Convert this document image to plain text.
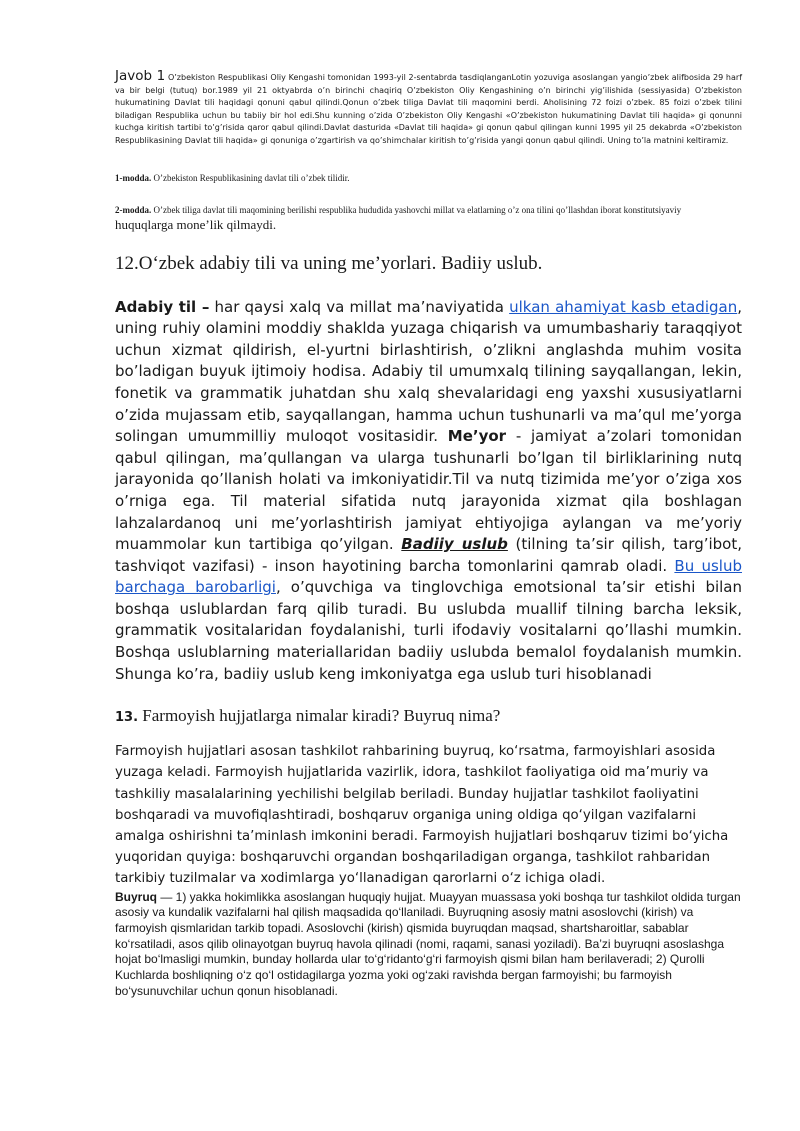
Javob 1 O’zbekiston Respublikasi Oliy Kengashi tomonidan 1993-yil 2-sentabrda tasdiqlanganLotin yozuviga asoslangan yangio’zbek alifbosida 29 harf va bir belgi (tutuq) bor.1989 yil 21 oktyabrda o’n birinchi chaqiriq O’zbekiston Oliy Kengashining o’n birinchi yig’ilishida (sessiyasida) O’zbekiston hukumatining Davlat tili haqidagi qonuni qabul qilindi.Qonun o’zbek tiliga Davlat tili maqomini berdi. Aholisining 72 foizi o’zbek. 85 foizi o’zbek tilini biladigan Respublika uchun bu tabiiy bir hol edi.Shu kunning o’zida O’zbekiston Oliy Kengashi «O’zbekiston hukumatining Davlat tili haqida» gi qonunni kuchga kiritish tartibi to’g’risida qaror qabul qilindi.Davlat dasturida «Davlat tili haqida» gi qonun qabul qilingan kunni 1995 yil 25 dekabrda «O’zbekiston Respublikasining Davlat tili haqida» gi qonuniga o’zgartirish va qo’shimchalar kiritish to’g’risida yangi qonun qabul qilindi. Uning to’la matnini keltiramiz.

1-modda. O’zbekiston Respublikasining davlat tili o’zbek tilidir.

2-modda. O’zbek tiliga davlat tili maqomining berilishi respublika hududida yashovchi millat va elatlarning o’z ona tilini qo’llashdan iborat konstitutsiyaviy
huquqlarga mone’lik qilmaydi.

12.O‘zbek adabiy tili va uning me’yorlari. Badiiy uslub.

Adabiy til – har qaysi xalq va millat ma’naviyatida ulkan ahamiyat kasb etadigan, uning ruhiy olamini moddiy shaklda yuzaga chiqarish va umumbashariy taraqqiyot uchun xizmat qildirish, el-yurtni birlashtirish, o’zlikni anglashda muhim vosita bo’ladigan buyuk ijtimoiy hodisa. Adabiy til umumxalq tilining sayqallangan, lekin, fonetik va grammatik juhatdan shu xalq shevalaridagi eng yaxshi xususiyatlarni o’zida mujassam etib, sayqallangan, hamma uchun tushunarli va ma’qul me’yorga solingan umummilliy muloqot vositasidir. Me’yor - jamiyat a’zolari tomonidan qabul qilingan, ma’qullangan va ularga tushunarli bo’lgan til birliklarining nutq jarayonida qo’llanish holati va imkoniyatidir.Til va nutq tizimida me’yor o’ziga xos o’rniga ega. Til material sifatida nutq jarayonida xizmat qila boshlagan lahzalardanoq uni me’yorlashtirish jamiyat ehtiyojiga aylangan va me’yoriy muammolar kun tartibiga qo’yilgan. Badiiy uslub (tilning ta’sir qilish, targ’ibot, tashviqot vazifasi) - inson hayotining barcha tomonlarini qamrab oladi. Bu uslub barchaga barobarligi, o’quvchiga va tinglovchiga emotsional ta’sir etishi bilan boshqa uslublardan farq qilib turadi. Bu uslubda muallif tilning barcha leksik, grammatik vositalaridan foydalanishi, turli ifodaviy vositalarni qo’llashi mumkin. Boshqa uslublarning materiallaridan badiiy uslubda bemalol foydalanish mumkin. Shunga ko’ra, badiiy uslub keng imkoniyatga ega uslub turi hisoblanadi

13. Farmoyish hujjatlarga nimalar kiradi? Buyruq nima?

Farmoyish hujjatlari asosan tashkilot rahbarining buyruq, ko‘rsatma, farmoyishlari asosida yuzaga keladi. Farmoyish hujjatlarida vazirlik, idora, tashkilot faoliyatiga oid ma’muriy va tashkiliy masalalarining yechilishi belgilab beriladi. Bunday hujjatlar tashkilot faoliyatini boshqaradi va muvofiqlashtiradi, boshqaruv organiga uning oldiga qo‘yilgan vazifalarni amalga oshirishni ta’minlash imkonini beradi. Farmoyish hujjatlari boshqaruv tizimi bo‘yicha yuqoridan quyiga: boshqaruvchi organdan boshqariladigan organga, tashkilot rahbaridan tarkibiy tuzilmalar va xodimlarga yo‘llanadigan qarorlarni o‘z ichiga oladi.

Buyruq — 1) yakka hokimlikka asoslangan huquqiy hujjat. Muayyan muassasa yoki boshqa tur tashkilot oldida turgan asosiy va kundalik vazifalarni hal qilish maqsadida qo‘llaniladi. Buyruqning asosiy matni asoslovchi (kirish) va farmoyish qismlaridan tarkib topadi. Asoslovchi (kirish) qismida buyruqdan maqsad, shartsharoitlar, sabablar ko‘rsatiladi, asos qilib olinayotgan buyruq havola qilinadi (nomi, raqami, sanasi yoziladi). Ba’zi buyruqni asoslashga hojat bo‘lmasligi mumkin, bunday hollarda ular to‘g‘ridanto‘g‘ri farmoyish qismi bilan ham berilaveradi; 2) Qurolli Kuchlarda boshliqning o‘z qo‘l ostidagilarga yozma yoki og‘zaki ravishda bergan farmoyishi; bu farmoyish bo‘ysunuvchilar uchun qonun hisoblanadi.
